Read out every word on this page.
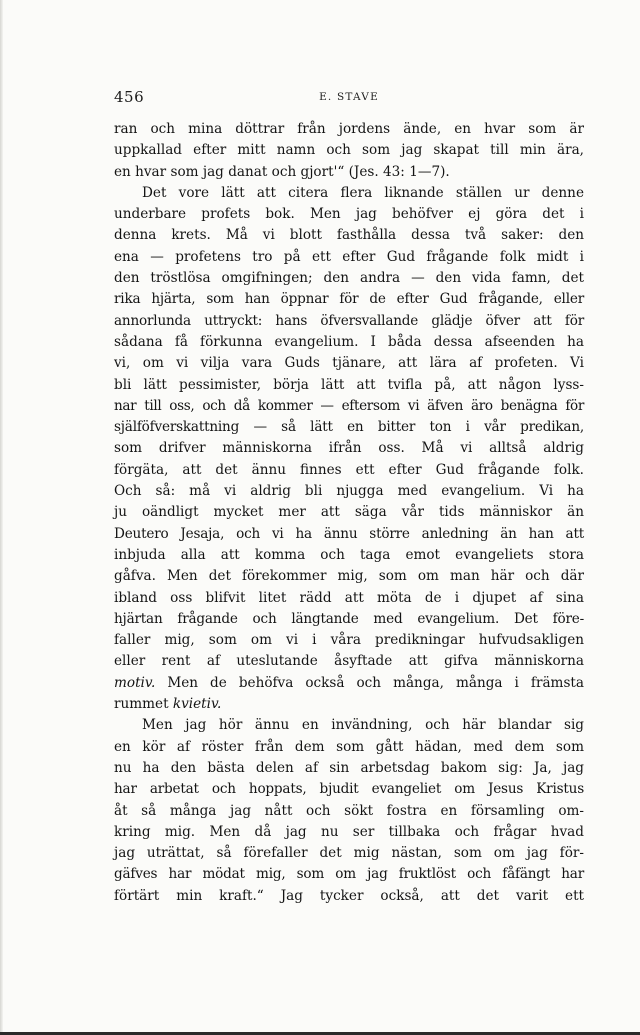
456	E. STAVE
ran och mina döttrar från jordens ände, en hvar som är
uppkallad efter mitt namn och som jag skapat till min ära,
en hvar som jag danat och gjort'“ (Jes. 43: 1—7).
Det vore lätt att citera flera liknande ställen ur denne
underbare profets bok. Men jag behöfver ej göra det i
denna krets. Må vi blott fasthålla dessa två saker: den
ena — profetens tro på ett efter Gud frågande folk midt i
den tröstlösa omgifningen; den andra — den vida famn, det
rika hjärta, som han öppnar för de efter Gud frågande, eller
annorlunda uttryckt: hans öfversvallande glädje öfver att för
sådana få förkunna evangelium. I båda dessa afseenden ha
vi, om vi vilja vara Guds tjänare, att lära af profeten. Vi
bli lätt pessimister, börja lätt att tvifla på, att någon lyss-
nar till oss, och då kommer — eftersom vi äfven äro benägna för
själföfverskattning — så lätt en bitter ton i vår predikan,
som drifver människorna ifrån oss. Må vi alltså aldrig
förgäta, att det ännu finnes ett efter Gud frågande folk.
Och så: må vi aldrig bli njugga med evangelium. Vi ha
ju oändligt mycket mer att säga vår tids människor än
Deutero Jesaja, och vi ha ännu större anledning än han att
inbjuda alla att komma och taga emot evangeliets stora
gåfva. Men det förekommer mig, som om man här och där
ibland oss blifvit litet rädd att möta de i djupet af sina
hjärtan frågande och längtande med evangelium. Det före-
faller mig, som om vi i våra predikningar hufvudsakligen
eller rent af uteslutande åsyftade att gifva människorna
motiv. Men de behöfva också och många, många i främsta
rummet kvietiv.
Men jag hör ännu en invändning, och här blandar sig
en kör af röster från dem som gått hädan, med dem som
nu ha den bästa delen af sin arbetsdag bakom sig: Ja, jag
har arbetat och hoppats, bjudit evangeliet om Jesus Kristus
åt så många jag nått och sökt fostra en församling om-
kring mig. Men då jag nu ser tillbaka och frågar hvad
jag uträttat, så förefaller det mig nästan, som om jag för-
gäfves har mödat mig, som om jag fruktlöst och fåfängt har
förtärt min kraft.“ Jag tycker också, att det varit ett
